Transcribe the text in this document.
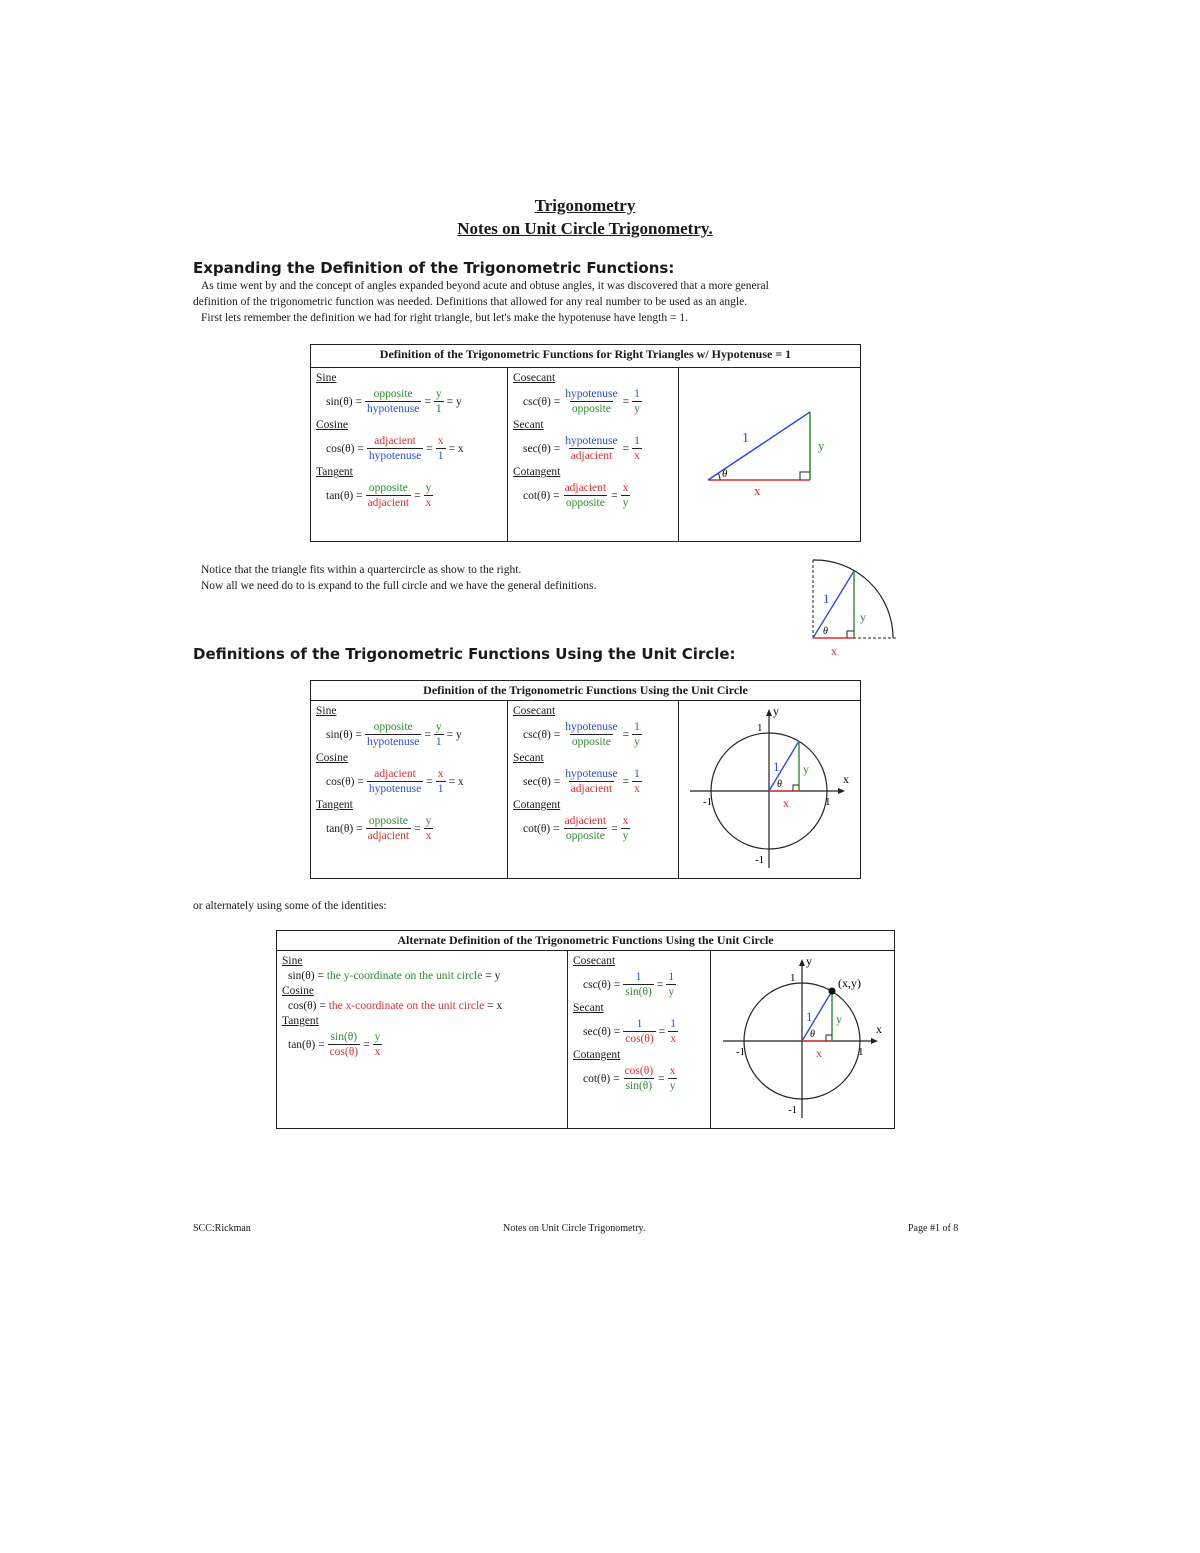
Trigonometry
Notes on Unit Circle Trigonometry.
Expanding the Definition of the Trigonometric Functions:
As time went by and the concept of angles expanded beyond acute and obtuse angles, it was discovered that a more general
definition of the trigonometric function was needed. Definitions that allowed for any real number to be used as an angle.
First lets remember the definition we had for right triangle, but let's make the hypotenuse have length = 1.
Definition of the Trigonometric Functions for Right Triangles w/ Hypotenuse = 1

Sine
$\sin(\theta) = \frac{\text{opposite}}{\text{hypotenuse}} = \frac{y}{1} = y$
Cosine
$\cos(\theta) = \frac{\text{adjacient}}{\text{hypotenuse}} = \frac{x}{1} = x$
Tangent
$\tan(\theta) = \frac{\text{opposite}}{\text{adjacient}} = \frac{y}{x}$

Cosecant
$\csc(\theta) = \frac{\text{hypotenuse}}{\text{opposite}} = \frac{1}{y}$
Secant
$\sec(\theta) = \frac{\text{hypotenuse}}{\text{adjacient}} = \frac{1}{x}$
Cotangent
$\cot(\theta) = \frac{\text{adjacient}}{\text{opposite}} = \frac{x}{y}$

1	y
x
θ
Notice that the triangle fits within a quartercircle as show to the right.
Now all we need do to is expand to the full circle and we have the general definitions.
1
y
x
θ
Definitions of the Trigonometric Functions Using the Unit Circle:
Definition of the Trigonometric Functions Using the Unit Circle

Sine
$\sin(\theta) = \frac{\text{opposite}}{\text{hypotenuse}} = \frac{y}{1} = y$
Cosine
$\cos(\theta) = \frac{\text{adjacient}}{\text{hypotenuse}} = \frac{x}{1} = x$
Tangent
$\tan(\theta) = \frac{\text{opposite}}{\text{adjacient}} = \frac{y}{x}$

Cosecant
$\csc(\theta) = \frac{\text{hypotenuse}}{\text{opposite}} = \frac{1}{y}$
Secant
$\sec(\theta) = \frac{\text{hypotenuse}}{\text{adjacient}} = \frac{1}{x}$
Cotangent
$\cot(\theta) = \frac{\text{adjacient}}{\text{opposite}} = \frac{x}{y}$

y
x
1 y
x
θ
1
-1	1
-1
or alternately using some of the identities:
Alternate Definition of the Trigonometric Functions Using the Unit Circle

Sine
sin(θ) =
the y-coordinate on the unit circle
= y
Cosine
cos(θ) =
the x-coordinate on the unit circle
= x
Tangent
$\tan(\theta) = \frac{\sin(\theta)}{\cos(\theta)} = \frac{y}{x}$

Cosecant
$\csc(\theta) = \frac{1}{\sin(\theta)} = \frac{1}{y}$
Secant
$\sec(\theta) = \frac{1}{\cos(\theta)} = \frac{1}{x}$
Cotangent
$\cot(\theta) = \frac{\cos(\theta)}{\sin(\theta)} = \frac{x}{y}$

y
x
(x,y)
1 y
x
θ
1
-1	1
-1
SCC:Rickman	Notes on Unit Circle Trigonometry.	Page #1 of 8
